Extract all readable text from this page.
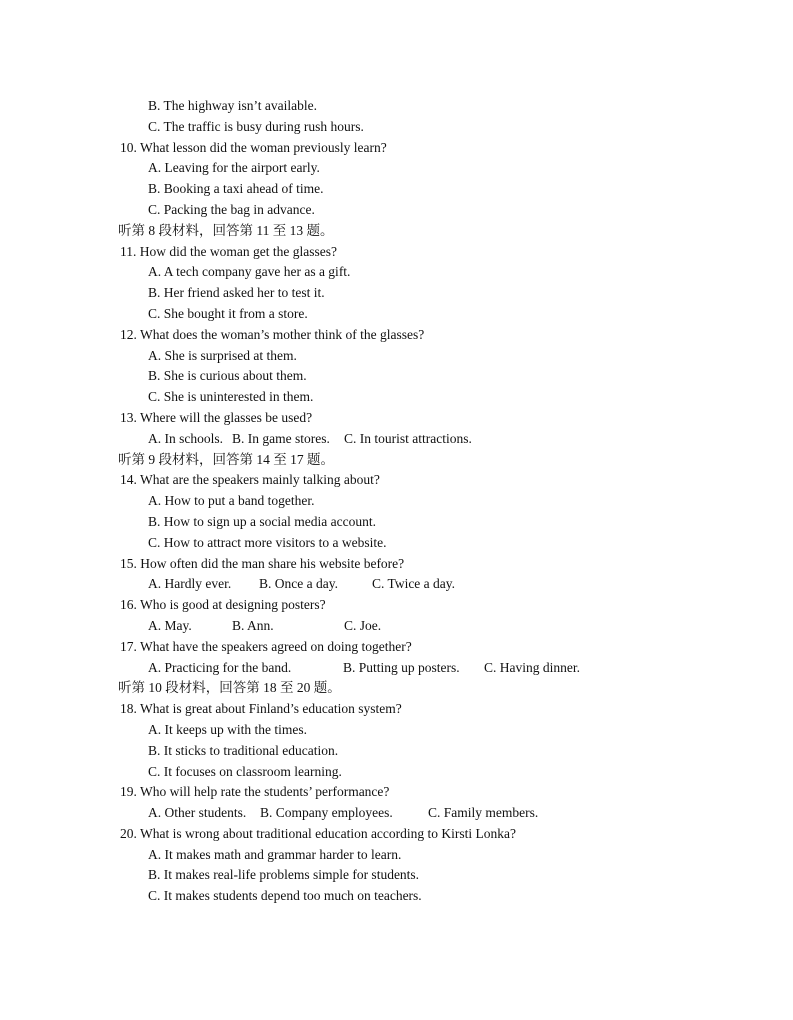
B. The highway isn’t available.
C. The traffic is busy during rush hours.
10. What lesson did the woman previously learn?
A. Leaving for the airport early.
B. Booking a taxi ahead of time.
C. Packing the bag in advance.
听第 8 段材料，回答第 11 至 13 题。
11. How did the woman get the glasses?
A. A tech company gave her as a gift.
B. Her friend asked her to test it.
C. She bought it from a store.
12. What does the woman’s mother think of the glasses?
A. She is surprised at them.
B. She is curious about them.
C. She is uninterested in them.
13. Where will the glasses be used?
A. In schools. B. In game stores. C. In tourist attractions.
听第 9 段材料，回答第 14 至 17 题。
14. What are the speakers mainly talking about?
A. How to put a band together.
B. How to sign up a social media account.
C. How to attract more visitors to a website.
15. How often did the man share his website before?
A. Hardly ever. B. Once a day.	C. Twice a day.
16. Who is good at designing posters?
A. May.	B. Ann.	C. Joe.
17. What have the speakers agreed on doing together?
A. Practicing for the band.	B. Putting up posters. C. Having dinner.
听第 10 段材料，回答第 18 至 20 题。
18. What is great about Finland’s education system?
A. It keeps up with the times.
B. It sticks to traditional education.
C. It focuses on classroom learning.
19. Who will help rate the students’ performance?
A. Other students. B. Company employees.	C. Family members.
20. What is wrong about traditional education according to Kirsti Lonka?
A. It makes math and grammar harder to learn.
B. It makes real-life problems simple for students.
C. It makes students depend too much on teachers.
